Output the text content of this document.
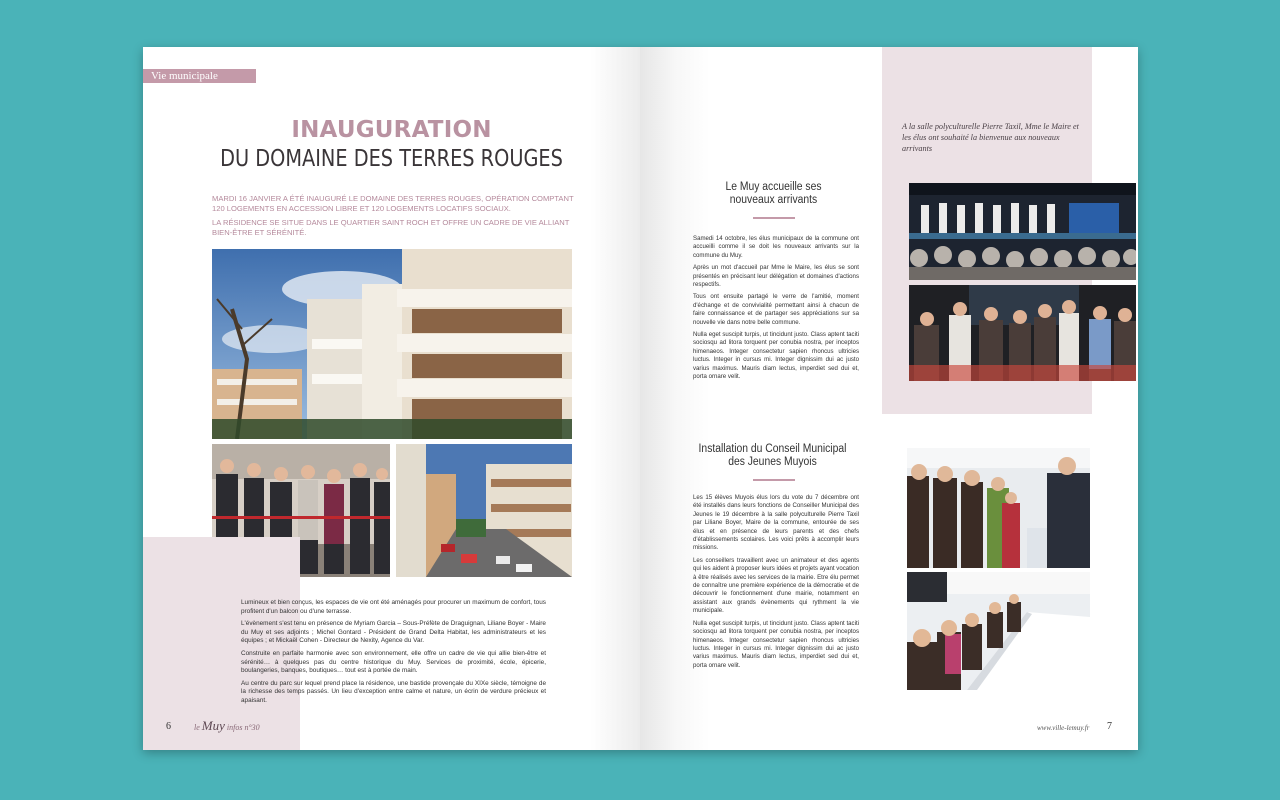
Vie municipale
INAUGURATION
DU DOMAINE DES TERRES ROUGES

MARDI 16 JANVIER A ÉTÉ INAUGURÉ LE DOMAINE DES TERRES ROUGES, OPÉRATION COMPTANT 120 LOGEMENTS EN ACCESSION LIBRE ET 120 LOGEMENTS LOCATIFS SOCIAUX.

LA RÉSIDENCE SE SITUE DANS LE QUARTIER SAINT ROCH ET OFFRE UN CADRE DE VIE ALLIANT BIEN-ÊTRE ET SÉRÉNITÉ.

Lumineux et bien conçus, les espaces de vie ont été aménagés pour procurer un maximum de confort, tous profitent d'un balcon ou d'une terrasse.

L'évènement s'est tenu en présence de Myriam Garcia – Sous-Préfète de Draguignan, Liliane Boyer - Maire du Muy et ses adjoints ; Michel Gontard - Président de Grand Delta Habitat, les administrateurs et les équipes ; et Mickaël Cohen - Directeur de Nexity, Agence du Var.

Construite en parfaite harmonie avec son environnement, elle offre un cadre de vie qui allie bien-être et sérénité… à quelques pas du centre historique du Muy. Services de proximité, école, épicerie, boulangeries, banques, boutiques… tout est à portée de main.

Au centre du parc sur lequel prend place la résidence, une bastide provençale du XIXe siècle, témoigne de la richesse des temps passés. Un lieu d'exception entre calme et nature, un écrin de verdure précieux et apaisant.

6	le Muy infos n°30
A la salle polyculturelle Pierre Taxil, Mme le Maire et les élus ont souhaité la bienvenue aux nouveaux arrivants
Le Muy accueille ses nouveaux arrivants

Samedi 14 octobre, les élus municipaux de la commune ont accueilli comme il se doit les nouveaux arrivants sur la commune du Muy.

Après un mot d'accueil par Mme le Maire, les élus se sont présentés en précisant leur délégation et domaines d'actions respectifs.

Tous ont ensuite partagé le verre de l'amitié, moment d'échange et de convivialité permettant ainsi à chacun de faire connaissance et de partager ses appréciations sur sa nouvelle vie dans notre belle commune.

Nulla eget suscipit turpis, ut tincidunt justo. Class aptent taciti sociosqu ad litora torquent per conubia nostra, per inceptos himenaeos. Integer consectetur sapien rhoncus ultricies luctus. Integer in cursus mi. Integer dignissim dui ac justo varius maximus. Mauris diam lectus, imperdiet sed dui et, porta ornare velit.

Installation du Conseil Municipal des Jeunes Muyois

Les 15 élèves Muyois élus lors du vote du 7 décembre ont été installés dans leurs fonctions de Conseiller Municipal des Jeunes le 19 décembre à la salle polyculturelle Pierre Taxil par Liliane Boyer, Maire de la commune, entourée de ses élus et en présence de leurs parents et des chefs d'établissements scolaires. Les voici prêts à accomplir leurs missions.

Les conseillers travaillent avec un animateur et des agents qui les aident à proposer leurs idées et projets ayant vocation à être réalisés avec les services de la mairie. Etre élu permet de connaître une première expérience de la démocratie et de découvrir le fonctionnement d'une mairie, notamment en assistant aux grands évènements qui rythment la vie municipale.

Nulla eget suscipit turpis, ut tincidunt justo. Class aptent taciti sociosqu ad litora torquent per conubia nostra, per inceptos himenaeos. Integer consectetur sapien rhoncus ultricies luctus. Integer in cursus mi. Integer dignissim dui ac justo varius maximus. Mauris diam lectus, imperdiet sed dui et, porta ornare velit.

www.ville-lemuy.fr 7
